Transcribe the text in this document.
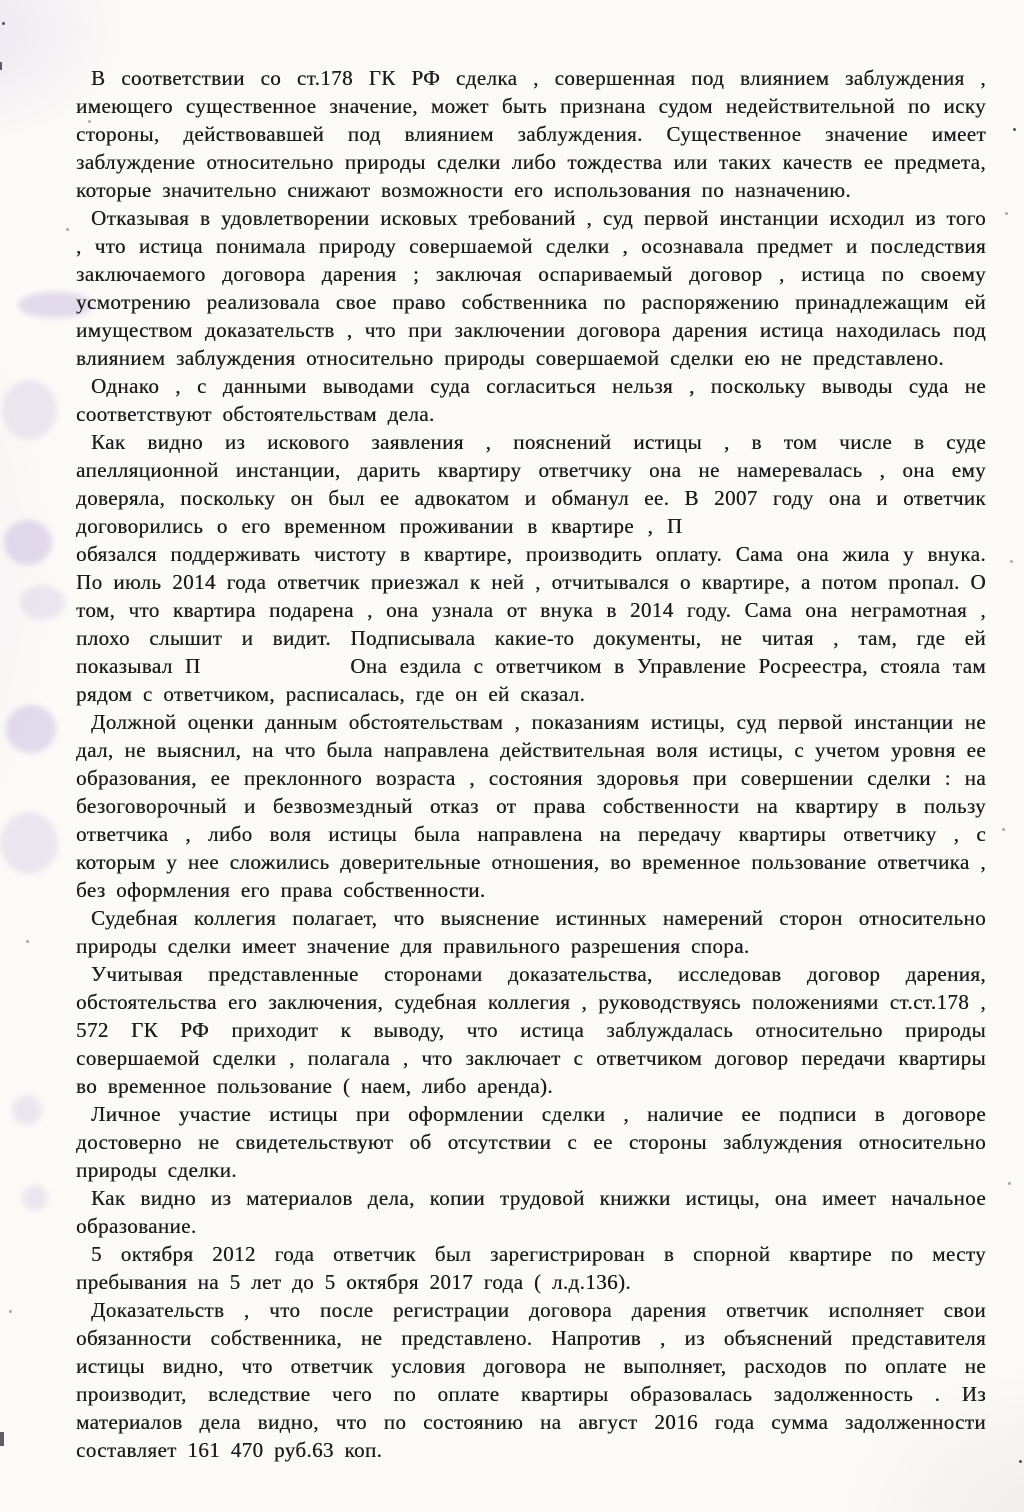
В соответствии со ст.178 ГК РФ сделка , совершенная под влиянием заблуждения , имеющего существенное значение, может быть признана судом недействительной по иску стороны, действовавшей под влиянием заблуждения. Существенное значение имеет заблуждение относительно природы сделки либо тождества или таких качеств ее предмета, которые значительно снижают возможности его использования по назначению.

Отказывая в удовлетворении исковых требований , суд первой инстанции исходил из того , что истица понимала природу совершаемой сделки , осознавала предмет и последствия заключаемого договора дарения ; заключая оспариваемый договор , истица по своему усмотрению реализовала свое право собственника по распоряжению принадлежащим ей имуществом доказательств , что при заключении договора дарения истица находилась под влиянием заблуждения относительно природы совершаемой сделки ею не представлено.

Однако , с данными выводами суда согласиться нельзя , поскольку выводы суда не соответствуют обстоятельствам дела.

Как видно из искового заявления , пояснений истицы , в том числе в суде апелляционной инстанции, дарить квартиру ответчику она не намеревалась , она ему доверяла, поскольку он был ее адвокатом и обманул ее. В 2007 году она и ответчик договорились о его временном проживании в квартире , П  обязался поддерживать чистоту в квартире, производить оплату. Сама она жила у внука. По июль 2014 года ответчик приезжал к ней , отчитывался о квартире, а потом пропал. О том, что квартира подарена , она узнала от внука в 2014 году. Сама она неграмотная , плохо слышит и видит. Подписывала какие-то документы, не читая , там, где ей показывал П	Она ездила с ответчиком в Управление Росреестра, стояла там рядом с ответчиком, расписалась, где он ей сказал.

Должной оценки данным обстоятельствам , показаниям истицы, суд первой инстанции не дал, не выяснил, на что была направлена действительная воля истицы, с учетом уровня ее образования, ее преклонного возраста , состояния здоровья при совершении сделки : на безоговорочный и безвозмездный отказ от права собственности на квартиру в пользу ответчика , либо воля истицы была направлена на передачу квартиры ответчику , с которым у нее сложились доверительные отношения, во временное пользование ответчика , без оформления его права собственности.

Судебная коллегия полагает, что выяснение истинных намерений сторон относительно природы сделки имеет значение для правильного разрешения спора.

Учитывая представленные сторонами доказательства, исследовав договор дарения, обстоятельства его заключения, судебная коллегия , руководствуясь положениями ст.ст.178 , 572 ГК РФ приходит к выводу, что истица заблуждалась относительно природы совершаемой сделки , полагала , что заключает с ответчиком договор передачи квартиры во временное пользование ( наем, либо аренда).

Личное участие истицы при оформлении сделки , наличие ее подписи в договоре достоверно не свидетельствуют об отсутствии с ее стороны заблуждения относительно природы сделки.

Как видно из материалов дела, копии трудовой книжки истицы, она имеет начальное образование.

5 октября 2012 года ответчик был зарегистрирован в спорной квартире по месту пребывания на 5 лет до 5 октября 2017 года ( л.д.136).

Доказательств , что после регистрации договора дарения ответчик исполняет свои обязанности собственника, не представлено. Напротив , из объяснений представителя истицы видно, что ответчик условия договора не выполняет, расходов по оплате не производит, вследствие чего по оплате квартиры образовалась задолженность . Из материалов дела видно, что по состоянию на август 2016 года сумма задолженности составляет 161 470 руб.63 коп.
